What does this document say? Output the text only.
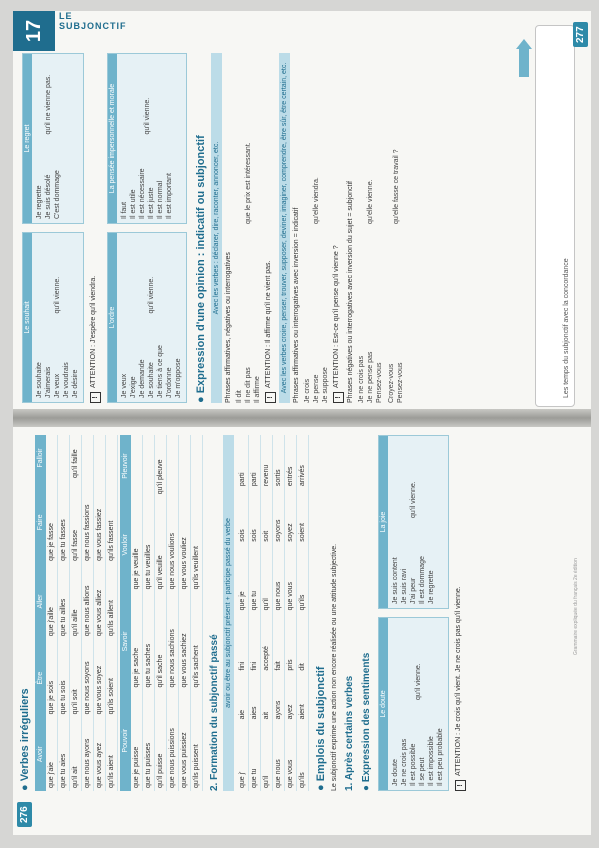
276
● Verbes irréguliers Avoir	Être	Aller	Faire	Falloir
que j'aie	que je sois	que j'aille	que je fasse	
que tu aies	que tu sois	que tu ailles	que tu fasses	
qu'il ait	qu'il soit	qu'il aille	qu'il fasse	qu'il faille
que nous ayons	que nous soyons	que nous allions	que nous fassions	
que vous ayez	que vous soyez	que vous alliez	que vous fassiez	
qu'ils aient	qu'ils soient	qu'ils aillent	qu'ils fassent	
Pouvoir	Savoir	Vouloir	Pleuvoir
que je puisse	que je sache	que je veuille	
que tu puisses	que tu saches	que tu veuilles	
qu'il puisse	qu'il sache	qu'il veuille	qu'il pleuve
que nous puissions	que nous sachions	que nous voulions	
que vous puissiez	que vous sachiez	que vous vouliez	
qu'ils puissent	qu'ils sachent	qu'ils veuillent	
2. Formation du subjonctif passé
avoir ou être au subjonctif présent + participe passé du verbe
que j'	aie	fini	que je	sois	parti
que tu	aies	fini	que tu	sois	parti
qu'il	ait	accepté	qu'il	soit	revenu
que nous	ayons	fait	que nous	soyons	sortis
que vous	ayez	pris	que vous	soyez	entrés
qu'ils	aient	dit	qu'ils	soient	arrivés
● Emplois du subjonctif Le subjonctif exprime une action non encore réalisée ou une attitude subjective. 1. Après certains verbes ● Expression des sentiments Le doute
Je doute Je ne crois pas Il est possible Il se peut Il est impossible Il est peu probable
qu'il vienne.
La joie
Je suis content Je suis ravi J'ai peur Il est dommage Je regrette
qu'il vienne.
!
ATTENTION : Je crois qu'il vient. Je ne crois pas qu'il vienne.
Le souhait
Je souhaite J'aimerais Je veux Je voudrais Je désire
qu'il vienne.
Le regret
Je regrette Je suis désolé C'est dommage
qu'il ne vienne pas.
!
ATTENTION : J'espère qu'il viendra. L'ordre
Je veux J'exige Je demande Je souhaite Je tiens à ce que J'ordonne Je m'oppose
qu'il vienne.
La pensée impersonnelle et morale
Il faut Il est utile Il est nécessaire Il est juste Il est normal Il est important
qu'il vienne.
● Expression d'une opinion : indicatif ou subjonctif Avec les verbes : déclarer, dire, raconter, annoncer, etc.
Phrases affirmatives, négatives ou interrogatives Il dit Il ne dit pas Il affirme
que le prix est intéressant.
!
ATTENTION : Il affirme qu'il ne vient pas. Avec les verbes croire, penser, trouver, supposer, deviner, imaginer, comprendre, être sûr, être certain, etc. Phrases affirmatives ou interrogatives avec inversion = indicatif Je crois Je pense Je suppose
qu'elle viendra.
!
ATTENTION : Est-ce qu'il pense qu'il vienne ? Phrases négatives ou interrogatives avec inversion du sujet = subjonctif Je ne crois pas Je ne pense pas Pensez-vous
qu'elle vienne.
Croyez-vous Pensez-vous
qu'elle fasse ce travail ?
Les temps du subjonctif avec la concordance
277
17
LE SUBJONCTIF
Grammaire expliquée du français 2e édition
